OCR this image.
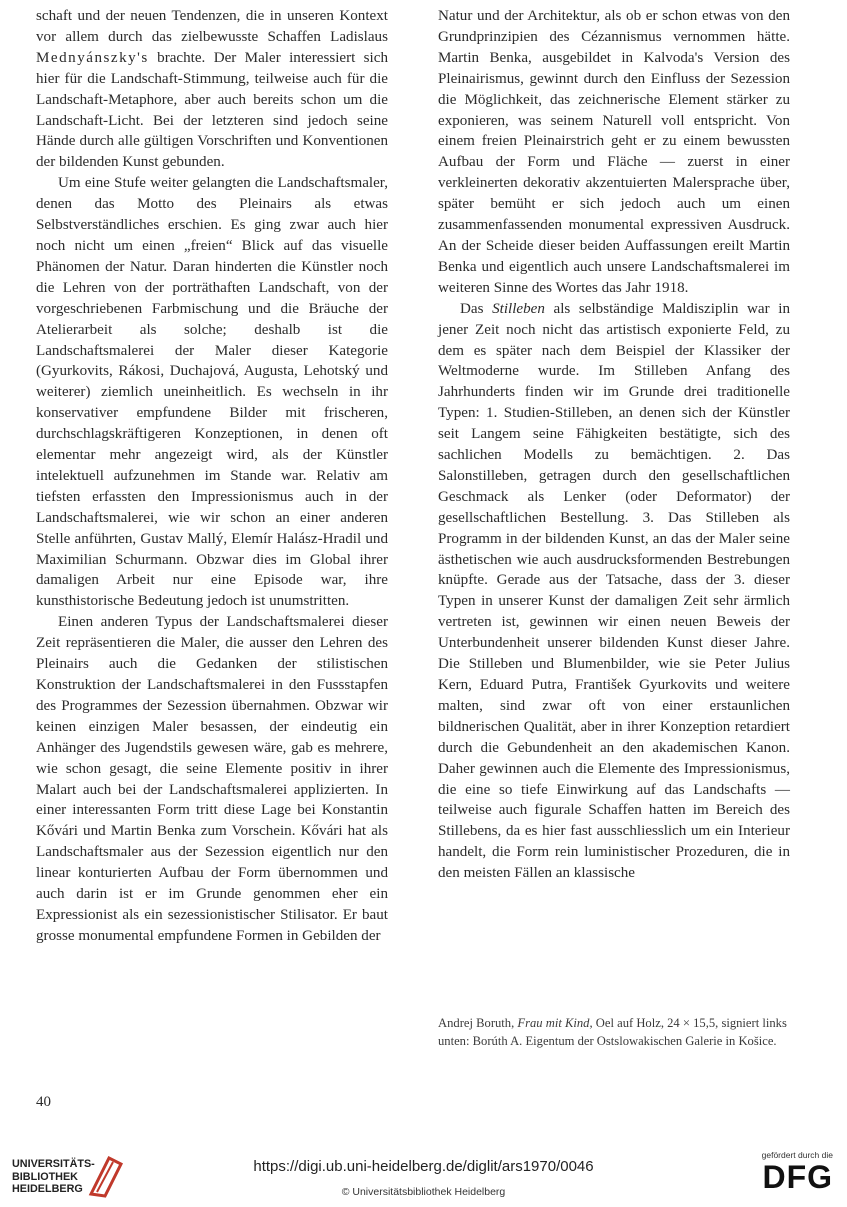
schaft und der neuen Tendenzen, die in unseren Kontext vor allem durch das zielbewusste Schaffen Ladislaus Mednyánszky's brachte. Der Maler interessiert sich hier für die Landschaft-Stimmung, teilweise auch für die Landschaft-Metaphore, aber auch bereits schon um die Landschaft-Licht. Bei der letzteren sind jedoch seine Hände durch alle gültigen Vorschriften und Konventionen der bildenden Kunst gebunden.

Um eine Stufe weiter gelangten die Landschaftsmaler, denen das Motto des Pleinairs als etwas Selbstverständliches erschien. Es ging zwar auch hier noch nicht um einen „freien“ Blick auf das visuelle Phänomen der Natur. Daran hinderten die Künstler noch die Lehren von der porträthaften Landschaft, von der vorgeschriebenen Farbmischung und die Bräuche der Atelierarbeit als solche; deshalb ist die Landschaftsmalerei der Maler dieser Kategorie (Gyurkovits, Rákosi, Duchajová, Augusta, Lehotský und weiterer) ziemlich uneinheitlich. Es wechseln in ihr konservativer empfundene Bilder mit frischeren, durchschlagskräftigeren Konzeptionen, in denen oft elementar mehr angezeigt wird, als der Künstler intelektuell aufzunehmen im Stande war. Relativ am tiefsten erfassten den Impressionismus auch in der Landschaftsmalerei, wie wir schon an einer anderen Stelle anführten, Gustav Mallý, Elemír Halász-Hradil und Maximilian Schurmann. Obzwar dies im Global ihrer damaligen Arbeit nur eine Episode war, ihre kunsthistorische Bedeutung jedoch ist unumstritten.

Einen anderen Typus der Landschaftsmalerei dieser Zeit repräsentieren die Maler, die ausser den Lehren des Pleinairs auch die Gedanken der stilistischen Konstruktion der Landschaftsmalerei in den Fussstapfen des Programmes der Sezession übernahmen. Obzwar wir keinen einzigen Maler besassen, der eindeutig ein Anhänger des Jugendstils gewesen wäre, gab es mehrere, wie schon gesagt, die seine Elemente positiv in ihrer Malart auch bei der Landschaftsmalerei applizierten. In einer interessanten Form tritt diese Lage bei Konstantin Kővári und Martin Benka zum Vorschein. Kővári hat als Landschaftsmaler aus der Sezession eigentlich nur den linear konturierten Aufbau der Form übernommen und auch darin ist er im Grunde genommen eher ein Expressionist als ein sezessionistischer Stilisator. Er baut grosse monumental empfundene Formen in Gebilden der

Natur und der Architektur, als ob er schon etwas von den Grundprinzipien des Cézannismus vernommen hätte. Martin Benka, ausgebildet in Kalvoda's Version des Pleinairismus, gewinnt durch den Einfluss der Sezession die Möglichkeit, das zeichnerische Element stärker zu exponieren, was seinem Naturell voll entspricht. Von einem freien Pleinairstrich geht er zu einem bewussten Aufbau der Form und Fläche — zuerst in einer verkleinerten dekorativ akzentuierten Malersprache über, später bemüht er sich jedoch auch um einen zusammenfassenden monumental expressiven Ausdruck. An der Scheide dieser beiden Auffassungen ereilt Martin Benka und eigentlich auch unsere Landschaftsmalerei im weiteren Sinne des Wortes das Jahr 1918.

Das Stilleben als selbständige Maldisziplin war in jener Zeit noch nicht das artistisch exponierte Feld, zu dem es später nach dem Beispiel der Klassiker der Weltmoderne wurde. Im Stilleben Anfang des Jahrhunderts finden wir im Grunde drei traditionelle Typen: 1. Studien-Stilleben, an denen sich der Künstler seit Langem seine Fähigkeiten bestätigte, sich des sachlichen Modells zu bemächtigen. 2. Das Salonstilleben, getragen durch den gesellschaftlichen Geschmack als Lenker (oder Deformator) der gesellschaftlichen Bestellung. 3. Das Stilleben als Programm in der bildenden Kunst, an das der Maler seine ästhetischen wie auch ausdrucksformenden Bestrebungen knüpfte. Gerade aus der Tatsache, dass der 3. dieser Typen in unserer Kunst der damaligen Zeit sehr ärmlich vertreten ist, gewinnen wir einen neuen Beweis der Unterbundenheit unserer bildenden Kunst dieser Jahre. Die Stilleben und Blumenbilder, wie sie Peter Julius Kern, Eduard Putra, František Gyurkovits und weitere malten, sind zwar oft von einer erstaunlichen bildnerischen Qualität, aber in ihrer Konzeption retardiert durch die Gebundenheit an den akademischen Kanon. Daher gewinnen auch die Elemente des Impressionismus, die eine so tiefe Einwirkung auf das Landschafts — teilweise auch figurale Schaffen hatten im Bereich des Stillebens, da es hier fast ausschliesslich um ein Interieur handelt, die Form rein luministischer Prozeduren, die in den meisten Fällen an klassische

Andrej Boruth, Frau mit Kind, Oel auf Holz, 24 × 15,5, signiert links unten: Borúth A. Eigentum der Ostslowakischen Galerie in Košice.
40
UNIVERSITÄTS-
BIBLIOTHEK
HEIDELBERG
https://digi.ub.uni-heidelberg.de/diglit/ars1970/0046
© Universitätsbibliothek Heidelberg
gefördert durch die
DFG
